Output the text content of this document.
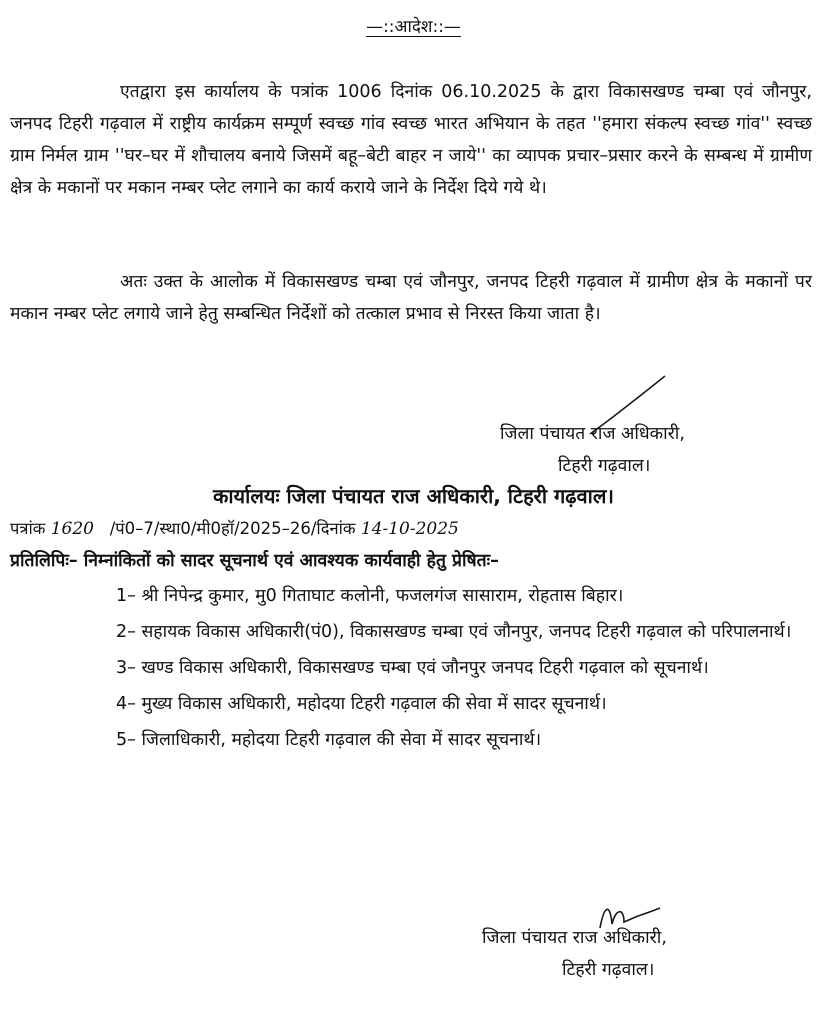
—::आदेश::—

एतद्वारा इस कार्यालय के पत्रांक 1006 दिनांक 06.10.2025 के द्वारा विकासखण्ड चम्बा एवं जौनपुर, जनपद टिहरी गढ़वाल में राष्ट्रीय कार्यक्रम सम्पूर्ण स्वच्छ गांव स्वच्छ भारत अभियान के तहत ''हमारा संकल्प स्वच्छ गांव'' स्वच्छ ग्राम निर्मल ग्राम ''घर–घर में शौचालय बनाये जिसमें बहू–बेटी बाहर न जाये'' का व्यापक प्रचार–प्रसार करने के सम्बन्ध में ग्रामीण क्षेत्र के मकानों पर मकान नम्बर प्लेट लगाने का कार्य कराये जाने के निर्देश दिये गये थे।

अतः उक्त के आलोक में विकासखण्ड चम्बा एवं जौनपुर, जनपद टिहरी गढ़वाल में ग्रामीण क्षेत्र के मकानों पर मकान नम्बर प्लेट लगाये जाने हेतु सम्बन्धित निर्देशों को तत्काल प्रभाव से निरस्त किया जाता है।

जिला पंचायत राज अधिकारी,
टिहरी गढ़वाल।
कार्यालयः जिला पंचायत राज अधिकारी, टिहरी गढ़वाल।
पत्रांक 1620 /पं0–7/स्था0/मी0हॉ/2025–26/दिनांक 14-10-2025
प्रतिलिपिः– निम्नांकितों को सादर सूचनार्थ एवं आवश्यक कार्यवाही हेतु प्रेषितः–
1– श्री निपेन्द्र कुमार, मु0 गिताघाट कलोनी, फजलगंज सासाराम, रोहतास बिहार।
2– सहायक विकास अधिकारी(पं0), विकासखण्ड चम्बा एवं जौनपुर, जनपद टिहरी गढ़वाल को परिपालनार्थ।
3– खण्ड विकास अधिकारी, विकासखण्ड चम्बा एवं जौनपुर जनपद टिहरी गढ़वाल को सूचनार्थ।
4– मुख्य विकास अधिकारी, महोदया टिहरी गढ़वाल की सेवा में सादर सूचनार्थ।
5– जिलाधिकारी, महोदया टिहरी गढ़वाल की सेवा में सादर सूचनार्थ।
जिला पंचायत राज अधिकारी,
टिहरी गढ़वाल।
